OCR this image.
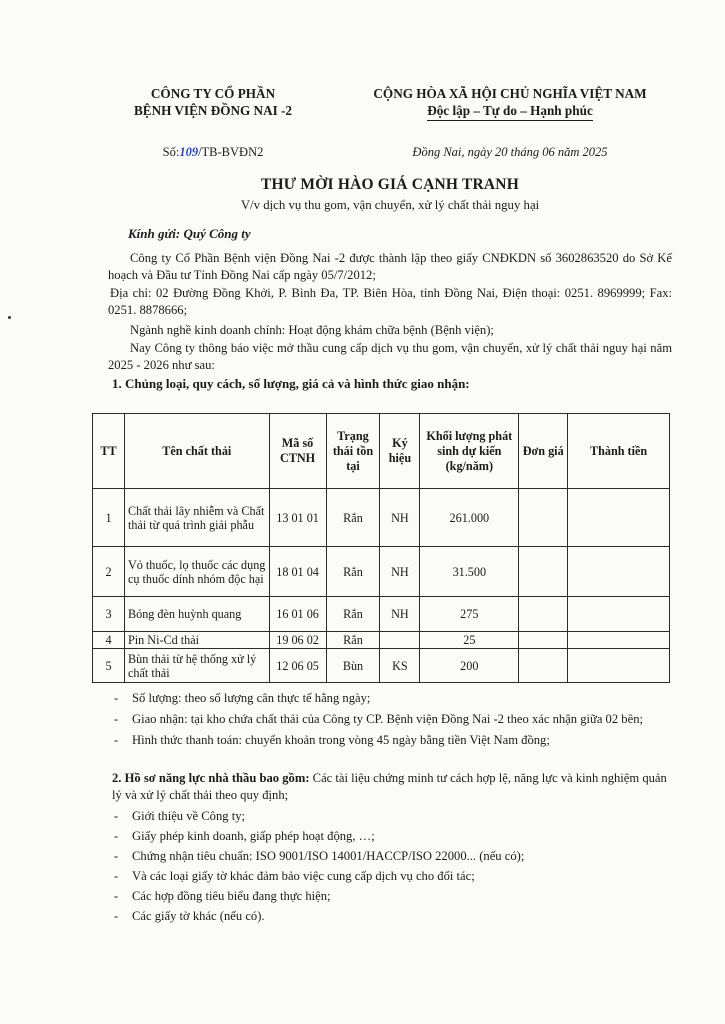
CÔNG TY CỔ PHẦN
BỆNH VIỆN ĐỒNG NAI -2
CỘNG HÒA XÃ HỘI CHỦ NGHĨA VIỆT NAM
Độc lập – Tự do – Hạnh phúc
Số:109/TB-BVĐN2	Đồng Nai, ngày 20 tháng 06 năm 2025
THƯ MỜI HÀO GIÁ CẠNH TRANH
V/v dịch vụ thu gom, vận chuyển, xử lý chất thải nguy hại
Kính gửi: Quý Công ty
Công ty Cổ Phần Bệnh viện Đồng Nai -2 được thành lập theo giấy CNĐKDN số 3602863520 do Sở Kế hoạch và Đầu tư Tỉnh Đồng Nai cấp ngày 05/7/2012;
Địa chỉ: 02 Đường Đồng Khởi, P. Bình Đa, TP. Biên Hòa, tỉnh Đồng Nai, Điện thoại: 0251. 8969999; Fax: 0251. 8878666;
Ngành nghề kinh doanh chính: Hoạt động khám chữa bệnh (Bệnh viện);
Nay Công ty thông báo việc mở thầu cung cấp dịch vụ thu gom, vận chuyển, xử lý chất thải nguy hại năm 2025 - 2026 như sau:
1. Chủng loại, quy cách, số lượng, giá cả và hình thức giao nhận:
TT	Tên chất thải	Mã số CTNH	Trạng thái tồn tại	Ký hiệu	Khối lượng phát sinh dự kiến (kg/năm)	Đơn giá	Thành tiền
1	Chất thải lây nhiễm và Chất thải từ quá trình giải phẫu	13 01 01	Rắn	NH	261.000		
2	Vỏ thuốc, lọ thuốc các dụng cụ thuốc dính nhóm độc hại	18 01 04	Rắn	NH	31.500		
3	Bóng đèn huỳnh quang	16 01 06	Rắn	NH	275		
4	Pin Ni-Cd thải	19 06 02	Rắn		25		
5	Bùn thải từ hệ thống xử lý chất thải	12 06 05	Bùn	KS	200		
- Số lượng: theo số lượng cân thực tế hằng ngày;
- Giao nhận: tại kho chứa chất thải của Công ty CP. Bệnh viện Đồng Nai -2 theo xác nhận giữa 02 bên;
- Hình thức thanh toán: chuyển khoản trong vòng 45 ngày bằng tiền Việt Nam đồng;
2. Hồ sơ năng lực nhà thầu bao gồm: Các tài liệu chứng minh tư cách hợp lệ, năng lực và kinh nghiệm quản lý và xử lý chất thải theo quy định;
- Giới thiệu về Công ty;
- Giấy phép kinh doanh, giấp phép hoạt động, …;
- Chứng nhận tiêu chuẩn: ISO 9001/ISO 14001/HACCP/ISO 22000... (nếu có);
- Và các loại giấy tờ khác đảm bảo việc cung cấp dịch vụ cho đối tác;
- Các hợp đồng tiêu biểu đang thực hiện;
- Các giấy tờ khác (nếu có).
